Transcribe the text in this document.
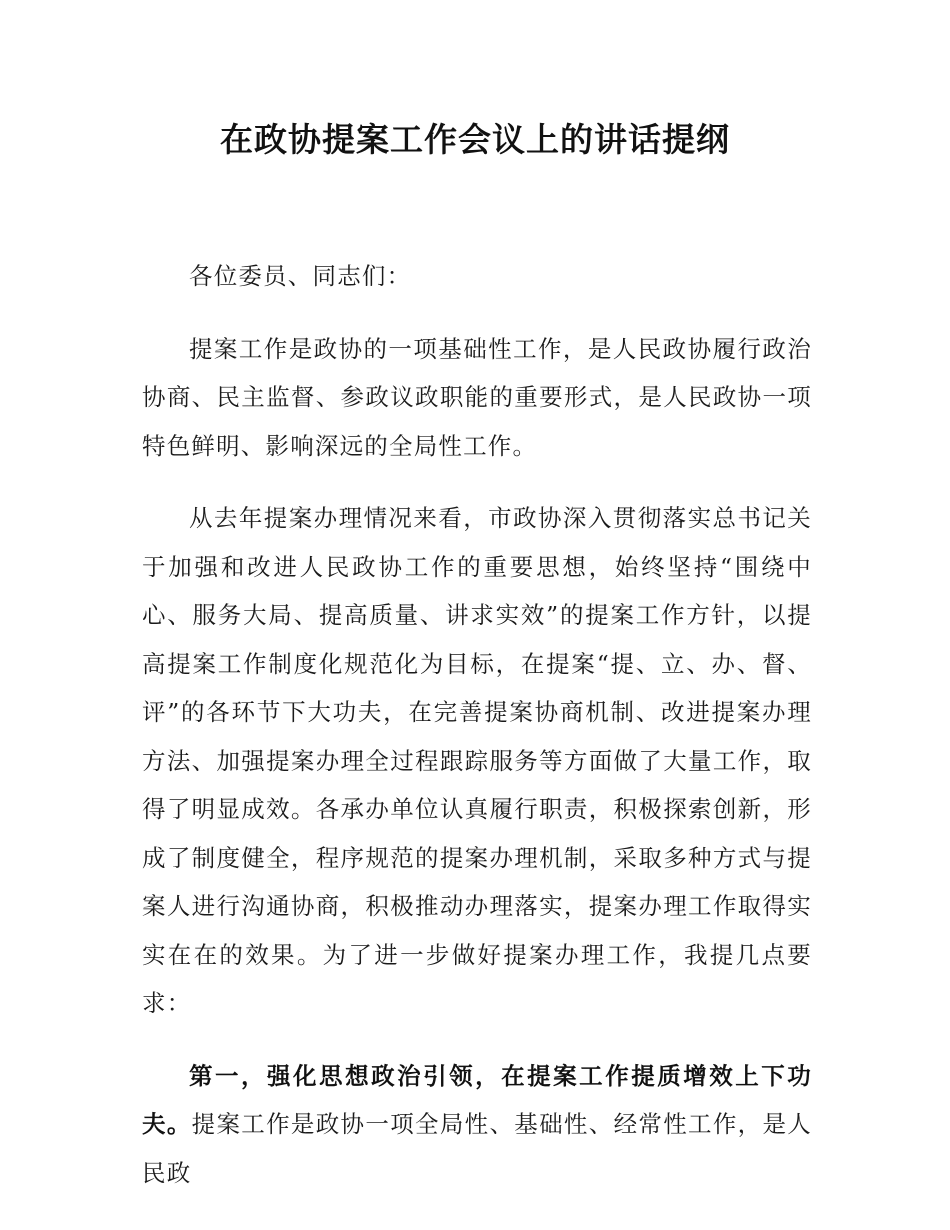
在政协提案工作会议上的讲话提纲

各位委员、同志们：

提案工作是政协的一项基础性工作，是人民政协履行政治协商、民主监督、参政议政职能的重要形式，是人民政协一项特色鲜明、影响深远的全局性工作。

从去年提案办理情况来看，市政协深入贯彻落实总书记关于加强和改进人民政协工作的重要思想，始终坚持“围绕中心、服务大局、提高质量、讲求实效”的提案工作方针，以提高提案工作制度化规范化为目标，在提案“提、立、办、督、评”的各环节下大功夫，在完善提案协商机制、改进提案办理方法、加强提案办理全过程跟踪服务等方面做了大量工作，取得了明显成效。各承办单位认真履行职责，积极探索创新，形成了制度健全，程序规范的提案办理机制，采取多种方式与提案人进行沟通协商，积极推动办理落实，提案办理工作取得实实在在的效果。为了进一步做好提案办理工作，我提几点要求：

第一，强化思想政治引领，在提案工作提质增效上下功夫。提案工作是政协一项全局性、基础性、经常性工作，是人民政
